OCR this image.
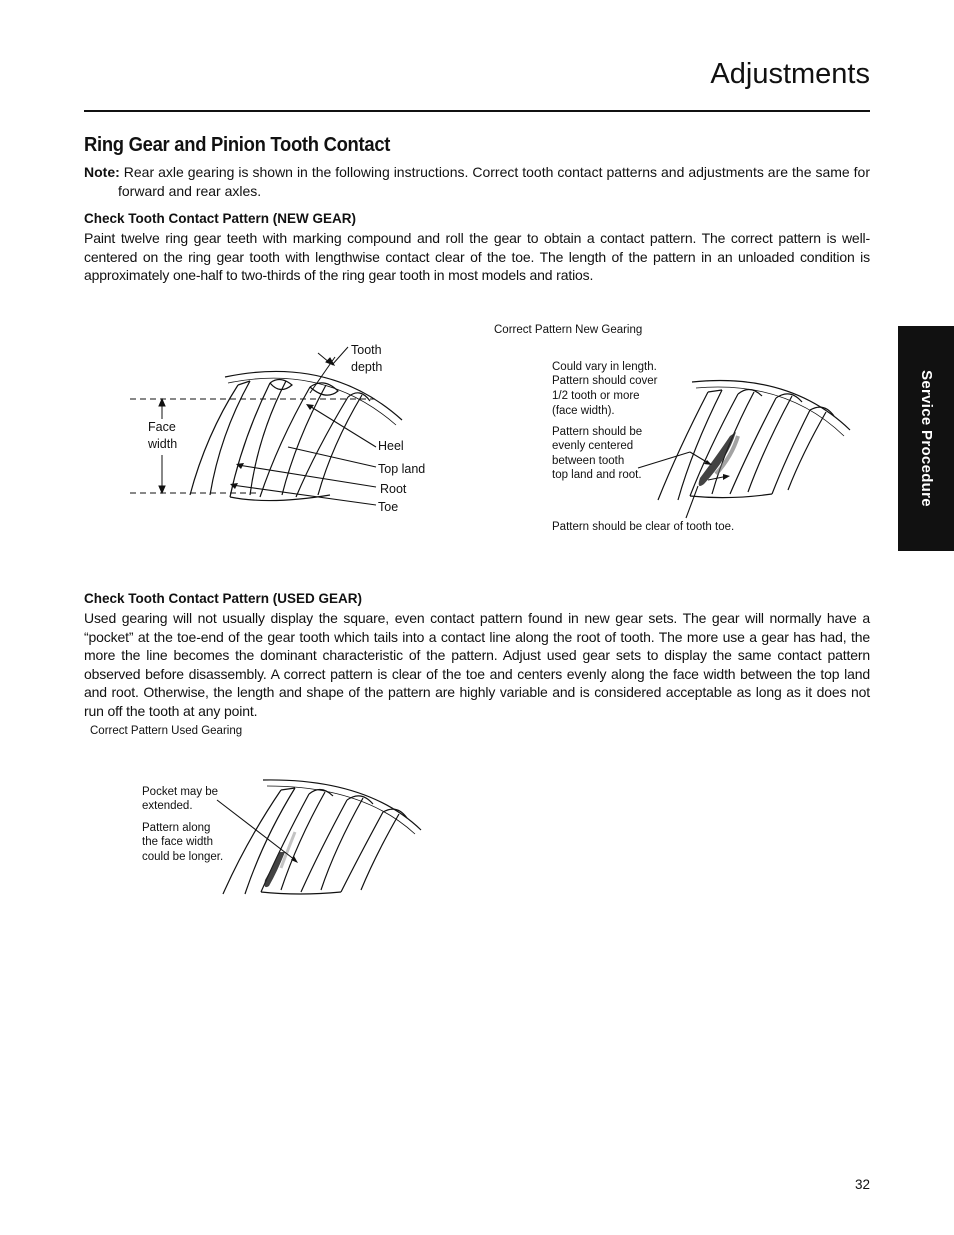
Adjustments
Ring Gear and Pinion Tooth Contact
Note: Rear axle gearing is shown in the following instructions. Correct tooth contact patterns and adjustments are the same for forward and rear axles.
Check Tooth Contact Pattern (NEW GEAR)
Paint twelve ring gear teeth with marking compound and roll the gear to obtain a contact pattern. The correct pattern is well-centered on the ring gear tooth with lengthwise contact clear of the toe. The length of the pattern in an unloaded condition is approximately one-half to two-thirds of the ring gear tooth in most models and ratios.
Tooth
depth
Face
width	Heel
Top land
Root
Toe
Correct Pattern New Gearing
Could vary in length.
Pattern should cover
1/2 tooth or more
(face width).
Pattern should be
evenly centered
between tooth
top land and root.
Pattern should be clear of tooth toe.
Check Tooth Contact Pattern (USED GEAR)
Used gearing will not usually display the square, even contact pattern found in new gear sets. The gear will normally have a “pocket” at the toe-end of the gear tooth which tails into a contact line along the root of tooth. The more use a gear has had, the more the line becomes the dominant characteristic of the pattern. Adjust used gear sets to display the same contact pattern observed before disassembly. A correct pattern is clear of the toe and centers evenly along the face width between the top land and root. Otherwise, the length and shape of the pattern are highly variable and is considered acceptable as long as it does not run off the tooth at any point.
Correct Pattern Used Gearing
Pocket may be
extended.
Pattern along
the face width
could be longer.
Service Procedure
32
